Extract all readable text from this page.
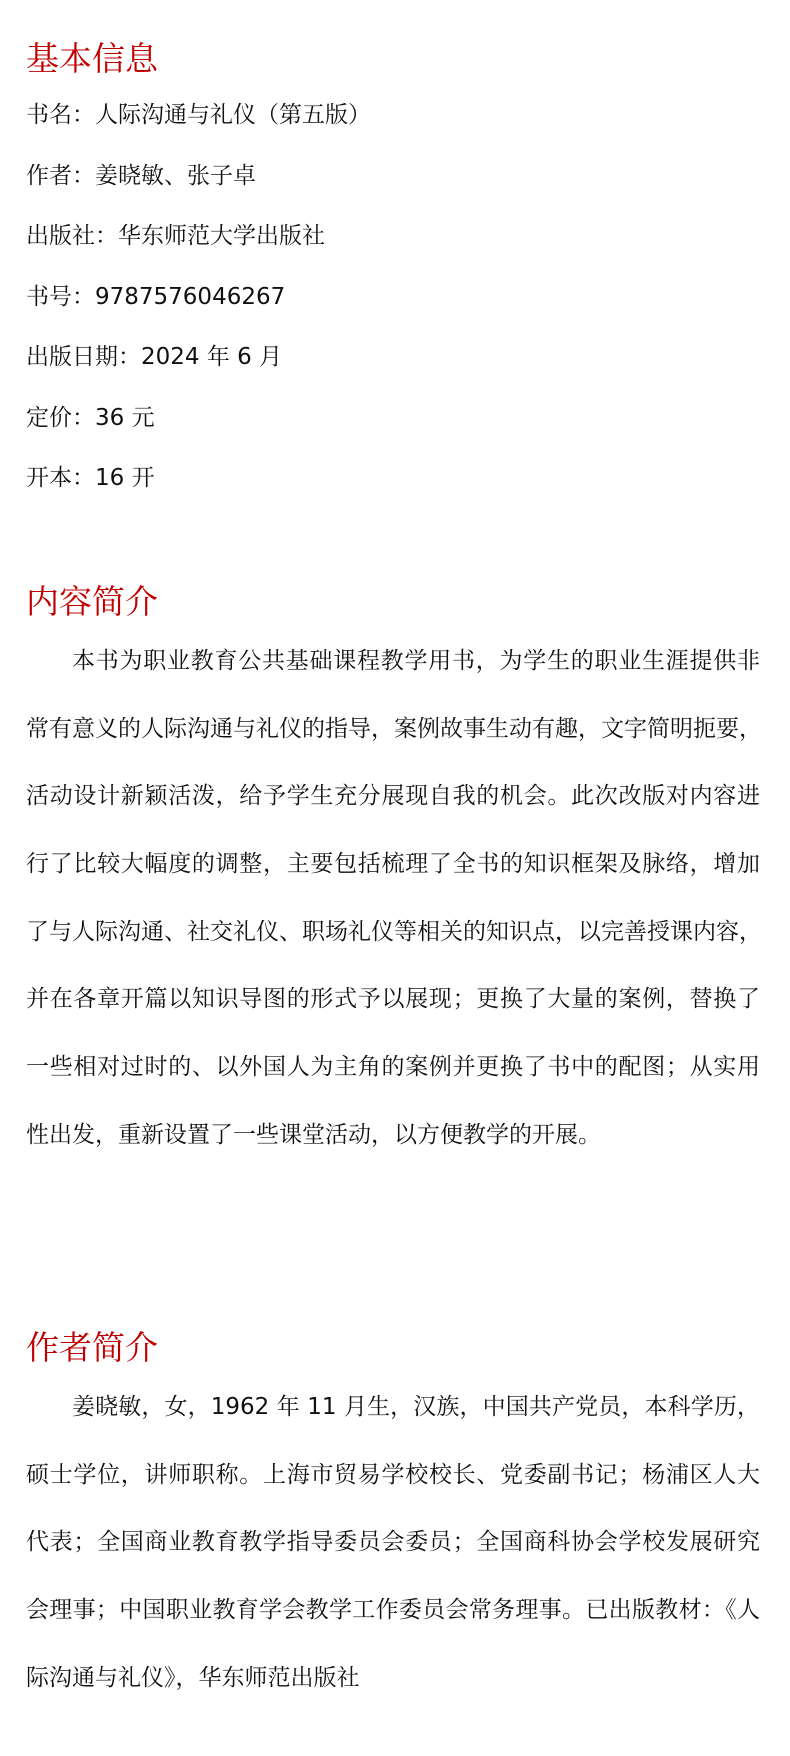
基本信息
书名：人际沟通与礼仪（第五版）
作者：姜晓敏、张子卓
出版社：华东师范大学出版社
书号：9787576046267
出版日期：2024 年 6 月
定价：36 元
开本：16 开
内容简介
本书为职业教育公共基础课程教学用书，为学生的职业生涯提供非
常有意义的人际沟通与礼仪的指导，案例故事生动有趣，文字简明扼要，
活动设计新颖活泼，给予学生充分展现自我的机会。此次改版对内容进
行了比较大幅度的调整，主要包括梳理了全书的知识框架及脉络，增加
了与人际沟通、社交礼仪、职场礼仪等相关的知识点，以完善授课内容，
并在各章开篇以知识导图的形式予以展现；更换了大量的案例，替换了
一些相对过时的、以外国人为主角的案例并更换了书中的配图；从实用
性出发，重新设置了一些课堂活动，以方便教学的开展。
作者简介
姜晓敏，女，1962 年 11 月生，汉族，中国共产党员，本科学历，
硕士学位，讲师职称。上海市贸易学校校长、党委副书记；杨浦区人大
代表；全国商业教育教学指导委员会委员；全国商科协会学校发展研究
会理事；中国职业教育学会教学工作委员会常务理事。已出版教材：《人
际沟通与礼仪》，华东师范出版社
